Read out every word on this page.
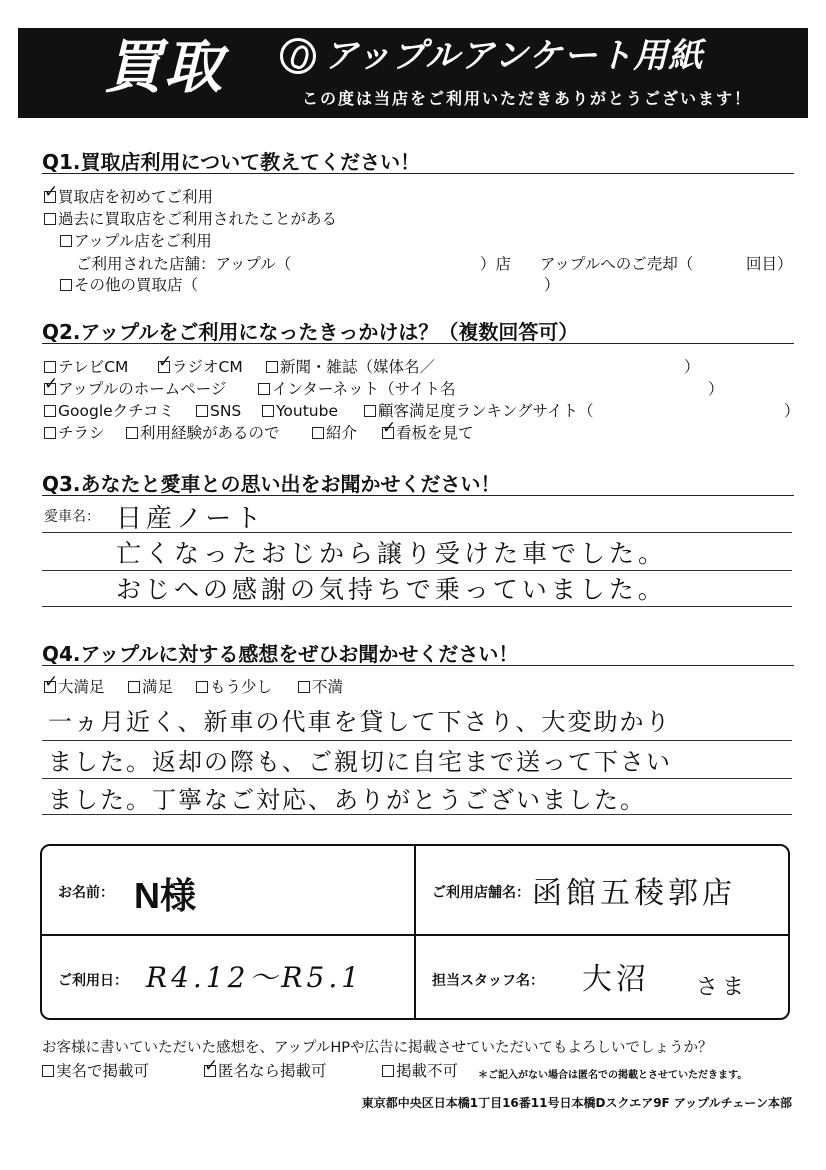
買取	アップルアンケート用紙
この度は当店をご利用いただきありがとうございます！
Q1.買取店利用について教えてください！
✓買取店を初めてご利用
過去に買取店をご利用されたことがある
アップル店をご利用
ご利用された店舗：アップル（	）店 アップルへのご売却（	回目）
その他の買取店（	）
Q2.アップルをご利用になったきっかけは？（複数回答可）
テレビCM ✓	ラジオCM	新聞・雑誌（媒体名／	）
✓アップルのホームページ	インターネット（サイト名	）
Googleクチコミ	SNS	Youtube	顧客満足度ランキングサイト（	）
チラシ	利用経験があるので	紹介 ✓	看板を見て
Q3.あなたと愛車との思い出をお聞かせください！
愛車名： 日産ノート
亡くなったおじから譲り受けた車でした。
おじへの感謝の気持ちで乗っていました。
Q4.アップルに対する感想をぜひお聞かせください！
✓大満足	満足	もう少し	不満
一ヵ月近く、新車の代車を貸して下さり、大変助かり
ました。返却の際も、ご親切に自宅まで送って下さい
ました。丁寧なご対応、ありがとうございました。
お名前： N様	ご利用店舗名： 函館五稜郭店
ご利用日： R4.12〜R5.1	担当スタッフ名： 大沼 さま
お客様に書いていただいた感想を、アップルHPや広告に掲載させていただいてもよろしいでしょうか？
実名で掲載可 ✓	匿名なら掲載可	掲載不可 ＊ご記入がない場合は匿名での掲載とさせていただきます。
東京都中央区日本橋1丁目16番11号日本橋Dスクエア9F アップルチェーン本部
